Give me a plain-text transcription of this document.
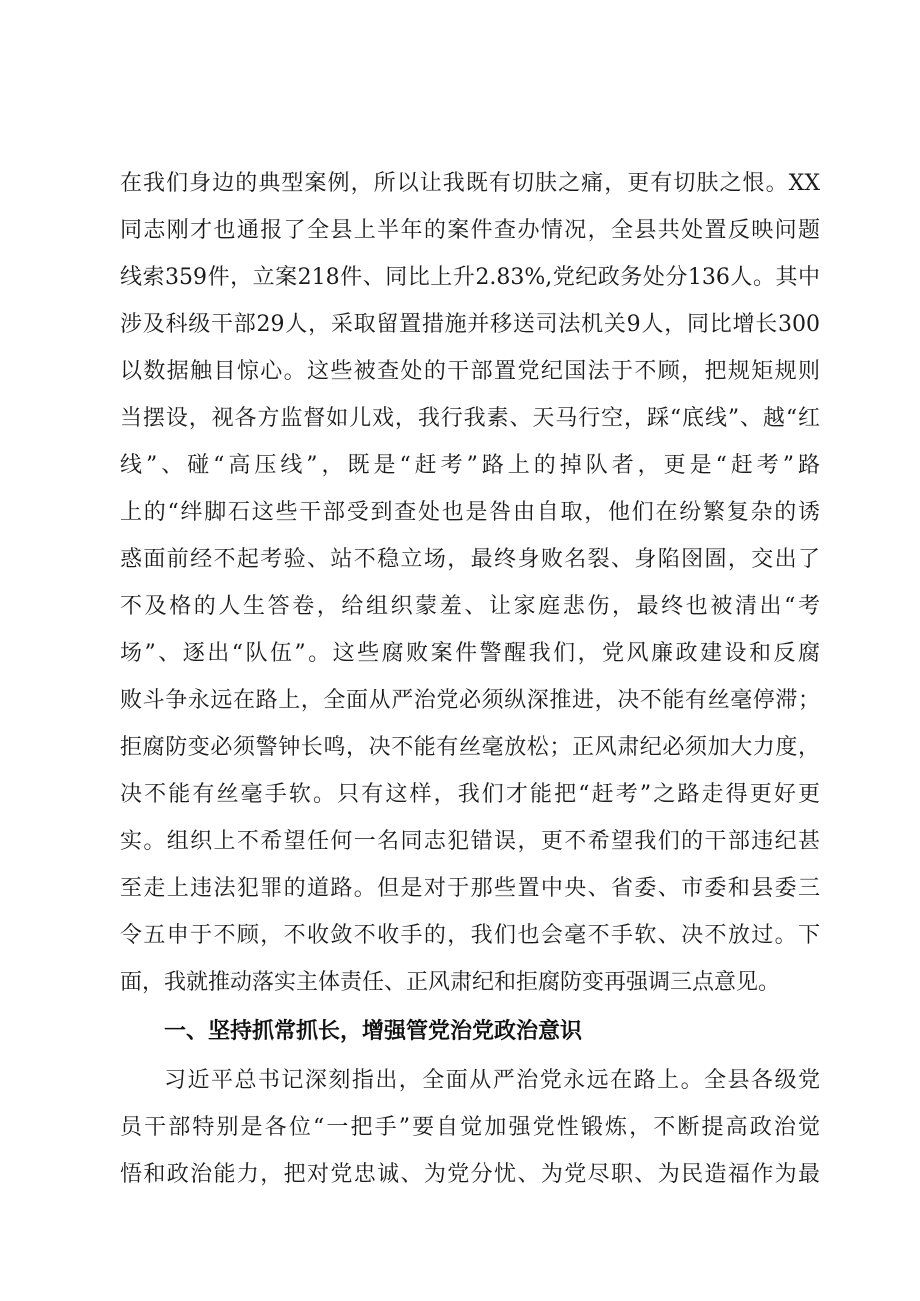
在我们身边的典型案例，所以让我既有切肤之痛，更有切肤之恨。XX
同志刚才也通报了全县上半年的案件查办情况，全县共处置反映问题
线索359件，立案218件、同比上升2.83%,党纪政务处分136人。其中
涉及科级干部29人，采取留置措施并移送司法机关9人，同比增长300
以数据触目惊心。这些被查处的干部置党纪国法于不顾，把规矩规则
当摆设，视各方监督如儿戏，我行我素、天马行空，踩“底线”、越“红
线”、碰“高压线”，既是“赶考”路上的掉队者，更是“赶考”路
上的“绊脚石这些干部受到查处也是咎由自取，他们在纷繁复杂的诱
惑面前经不起考验、站不稳立场，最终身败名裂、身陷囹圄，交出了
不及格的人生答卷，给组织蒙羞、让家庭悲伤，最终也被清出“考
场”、逐出“队伍”。这些腐败案件警醒我们，党风廉政建设和反腐
败斗争永远在路上，全面从严治党必须纵深推进，决不能有丝毫停滞；
拒腐防变必须警钟长鸣，决不能有丝毫放松；正风肃纪必须加大力度，
决不能有丝毫手软。只有这样，我们才能把“赶考”之路走得更好更
实。组织上不希望任何一名同志犯错误，更不希望我们的干部违纪甚
至走上违法犯罪的道路。但是对于那些置中央、省委、市委和县委三
令五申于不顾，不收敛不收手的，我们也会毫不手软、决不放过。下
面，我就推动落实主体责任、正风肃纪和拒腐防变再强调三点意见。
一、坚持抓常抓长，增强管党治党政治意识
习近平总书记深刻指出，全面从严治党永远在路上。全县各级党
员干部特别是各位“一把手”要自觉加强党性锻炼，不断提高政治觉
悟和政治能力，把对党忠诚、为党分忧、为党尽职、为民造福作为最
